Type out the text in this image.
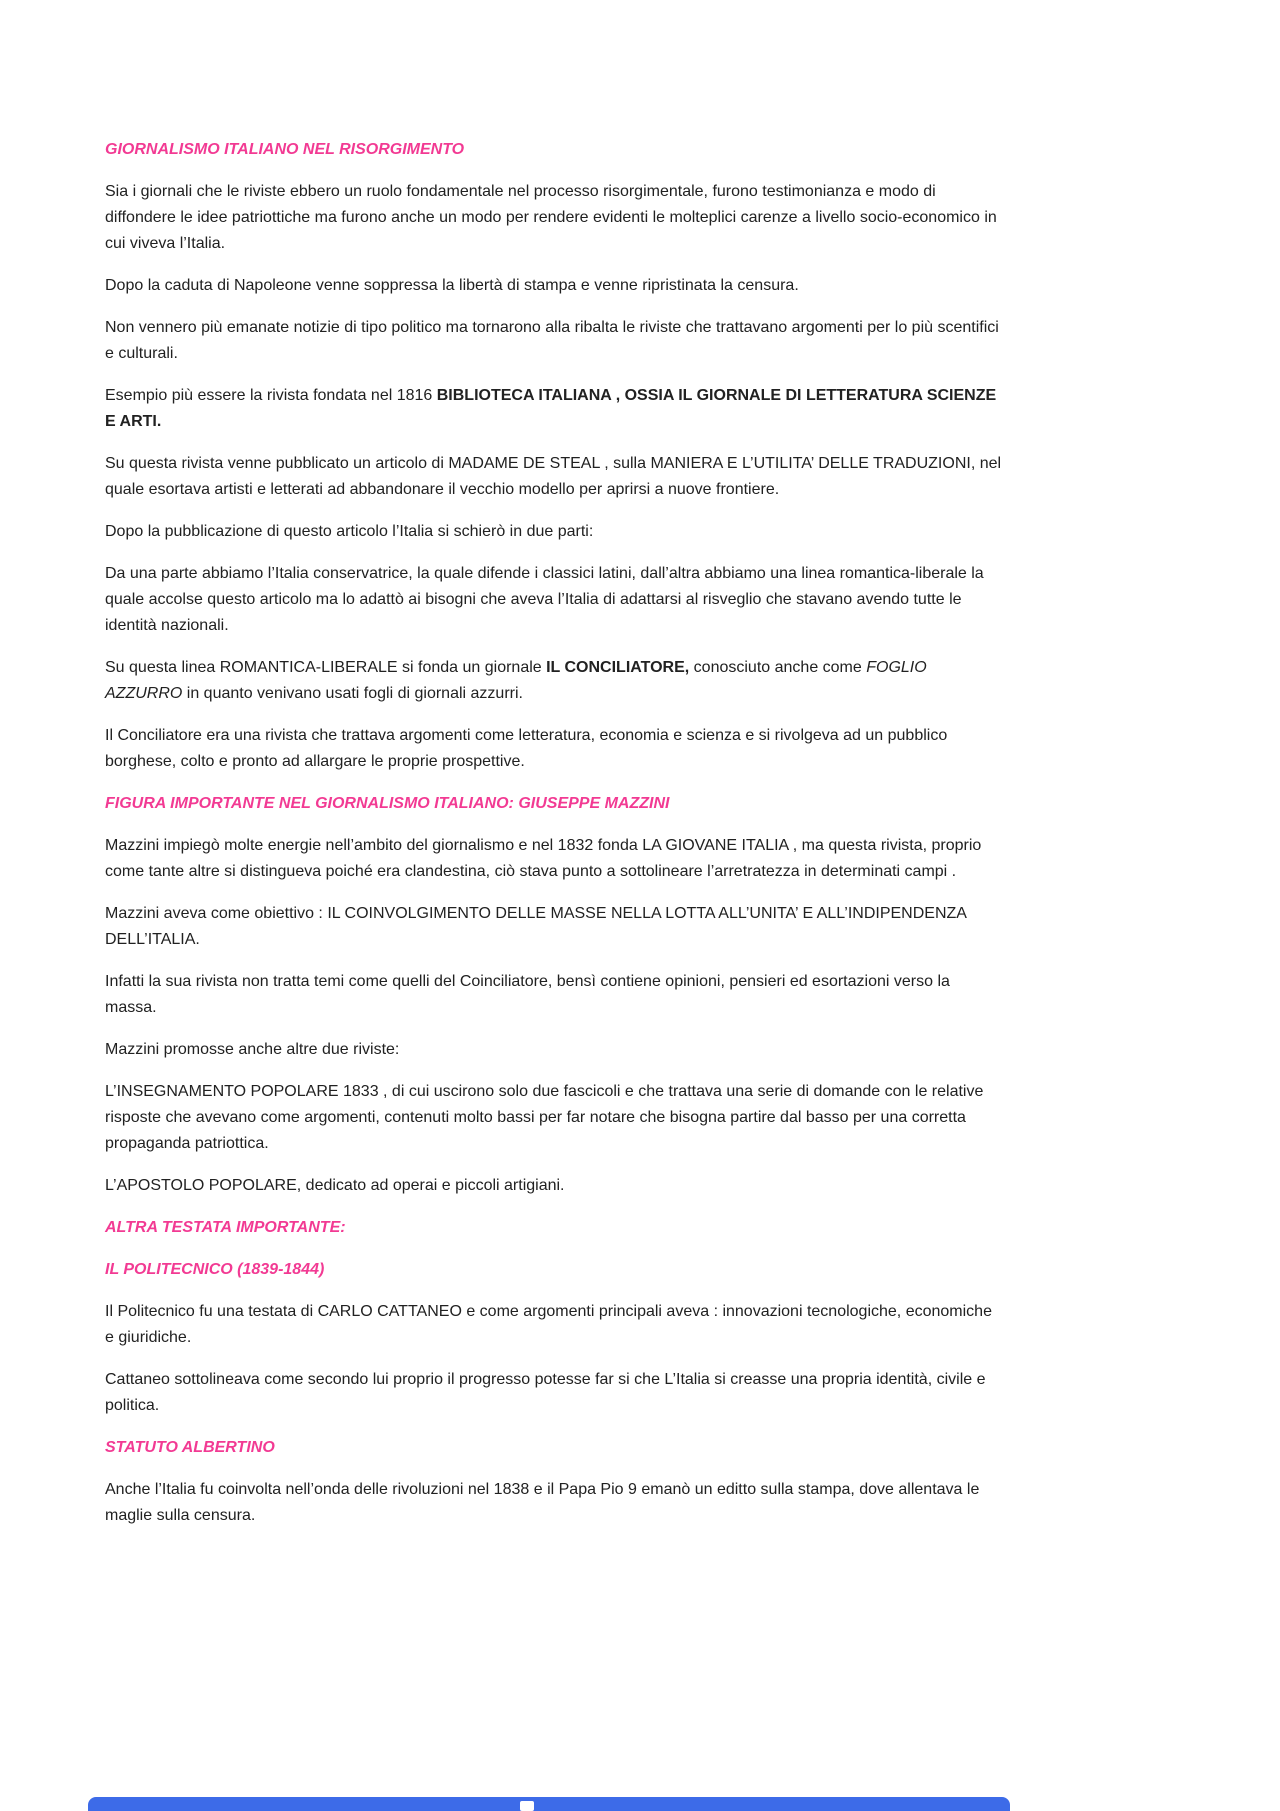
GIORNALISMO ITALIANO NEL RISORGIMENTO

Sia i giornali che le riviste ebbero un ruolo fondamentale nel processo risorgimentale, furono testimonianza e modo di diffondere le idee patriottiche ma furono anche un modo per rendere evidenti le molteplici carenze a livello socio-economico in cui viveva l’Italia.

Dopo la caduta di Napoleone venne soppressa la libertà di stampa e venne ripristinata la censura.

Non vennero più emanate notizie di tipo politico ma tornarono alla ribalta le riviste che trattavano argomenti per lo più scentifici e culturali.

Esempio più essere la rivista fondata nel 1816 BIBLIOTECA ITALIANA , OSSIA IL GIORNALE DI LETTERATURA SCIENZE E ARTI.

Su questa rivista venne pubblicato un articolo di MADAME DE STEAL , sulla MANIERA E L’UTILITA’ DELLE TRADUZIONI, nel quale esortava artisti e letterati ad abbandonare il vecchio modello per aprirsi a nuove frontiere.

Dopo la pubblicazione di questo articolo l’Italia si schierò in due parti:

Da una parte abbiamo l’Italia conservatrice, la quale difende i classici latini, dall’altra abbiamo una linea romantica-liberale la quale accolse questo articolo ma lo adattò ai bisogni che aveva l’Italia di adattarsi al risveglio che stavano avendo tutte le identità nazionali.

Su questa linea ROMANTICA-LIBERALE si fonda un giornale IL CONCILIATORE, conosciuto anche come FOGLIO AZZURRO in quanto venivano usati fogli di giornali azzurri.

Il Conciliatore era una rivista che trattava argomenti come letteratura, economia e scienza e si rivolgeva ad un pubblico borghese, colto e pronto ad allargare le proprie prospettive.

FIGURA IMPORTANTE NEL GIORNALISMO ITALIANO: GIUSEPPE MAZZINI

Mazzini impiegò molte energie nell’ambito del giornalismo e nel 1832 fonda LA GIOVANE ITALIA , ma questa rivista, proprio come tante altre si distingueva poiché era clandestina, ciò stava punto a sottolineare l’arretratezza in determinati campi .

Mazzini aveva come obiettivo : IL COINVOLGIMENTO DELLE MASSE NELLA LOTTA ALL’UNITA’ E ALL’INDIPENDENZA DELL’ITALIA.

Infatti la sua rivista non tratta temi come quelli del Coinciliatore, bensì contiene opinioni, pensieri ed esortazioni verso la massa.

Mazzini promosse anche altre due riviste:

L’INSEGNAMENTO POPOLARE 1833 , di cui uscirono solo due fascicoli e che trattava una serie di domande con le relative risposte che avevano come argomenti, contenuti molto bassi per far notare che bisogna partire dal basso per una corretta propaganda patriottica.

L’APOSTOLO POPOLARE, dedicato ad operai e piccoli artigiani.

ALTRA TESTATA IMPORTANTE:
IL POLITECNICO (1839-1844)

Il Politecnico fu una testata di CARLO CATTANEO e come argomenti principali aveva : innovazioni tecnologiche, economiche e giuridiche.

Cattaneo sottolineava come secondo lui proprio il progresso potesse far si che L’Italia si creasse una propria identità, civile e politica.

STATUTO ALBERTINO

Anche l’Italia fu coinvolta nell’onda delle rivoluzioni nel 1838 e il Papa Pio 9 emanò un editto sulla stampa, dove allentava le maglie sulla censura.
